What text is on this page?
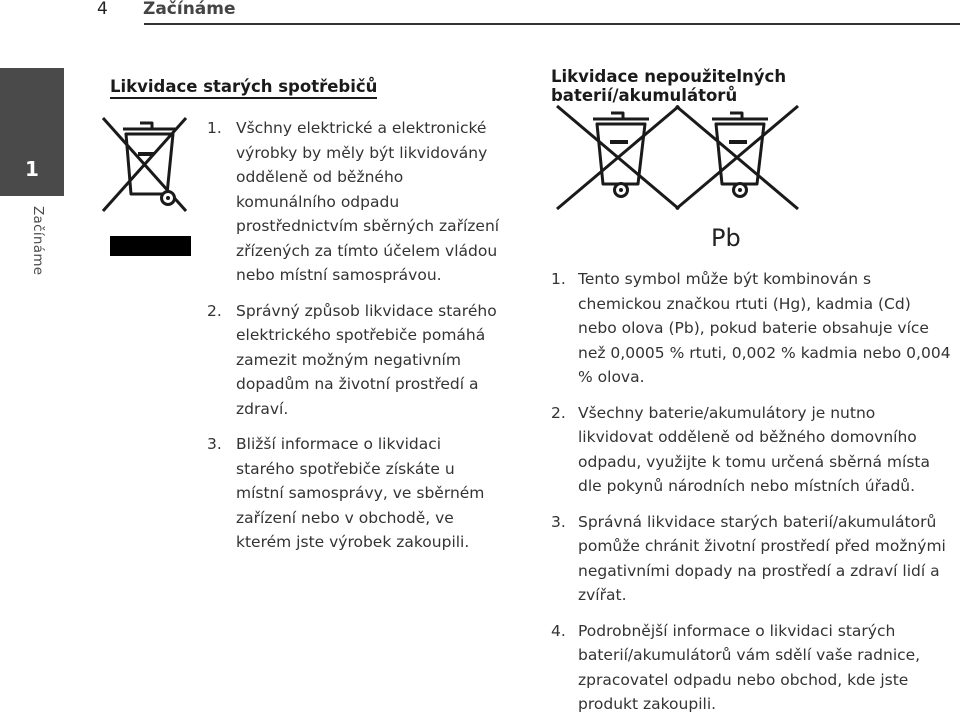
4 Začínáme
1
Začínáme
Likvidace starých spotřebičů
1. Všchny elektrické a elektronické výrobky by měly být likvidovány odděleně od běžného komunálního odpadu prostřednictvím sběrných zařízení zřízených za tímto účelem vládou nebo místní samosprávou.
2. Správný způsob likvidace starého elektrického spotřebiče pomáhá zamezit možným negativním dopadům na životní prostředí a zdraví.
3. Bližší informace o likvidaci starého spotřebiče získáte u místní samosprávy, ve sběrném zařízení nebo v obchodě, ve kterém jste výrobek zakoupili.
Likvidace nepoužitelných baterií/akumulátorů
Pb
1. Tento symbol může být kombinován s chemickou značkou rtuti (Hg), kadmia (Cd) nebo olova (Pb), pokud baterie obsahuje více než 0,0005 % rtuti, 0,002 % kadmia nebo 0,004 % olova.
2. Všechny baterie/akumulátory je nutno likvidovat odděleně od běžného domovního odpadu, využijte k tomu určená sběrná místa dle pokynů národních nebo místních úřadů.
3. Správná likvidace starých baterií/akumulátorů pomůže chránit životní prostředí před možnými negativními dopady na prostředí a zdraví lidí a zvířat.
4. Podrobnější informace o likvidaci starých baterií/akumulátorů vám sdělí vaše radnice, zpracovatel odpadu nebo obchod, kde jste produkt zakoupili.
